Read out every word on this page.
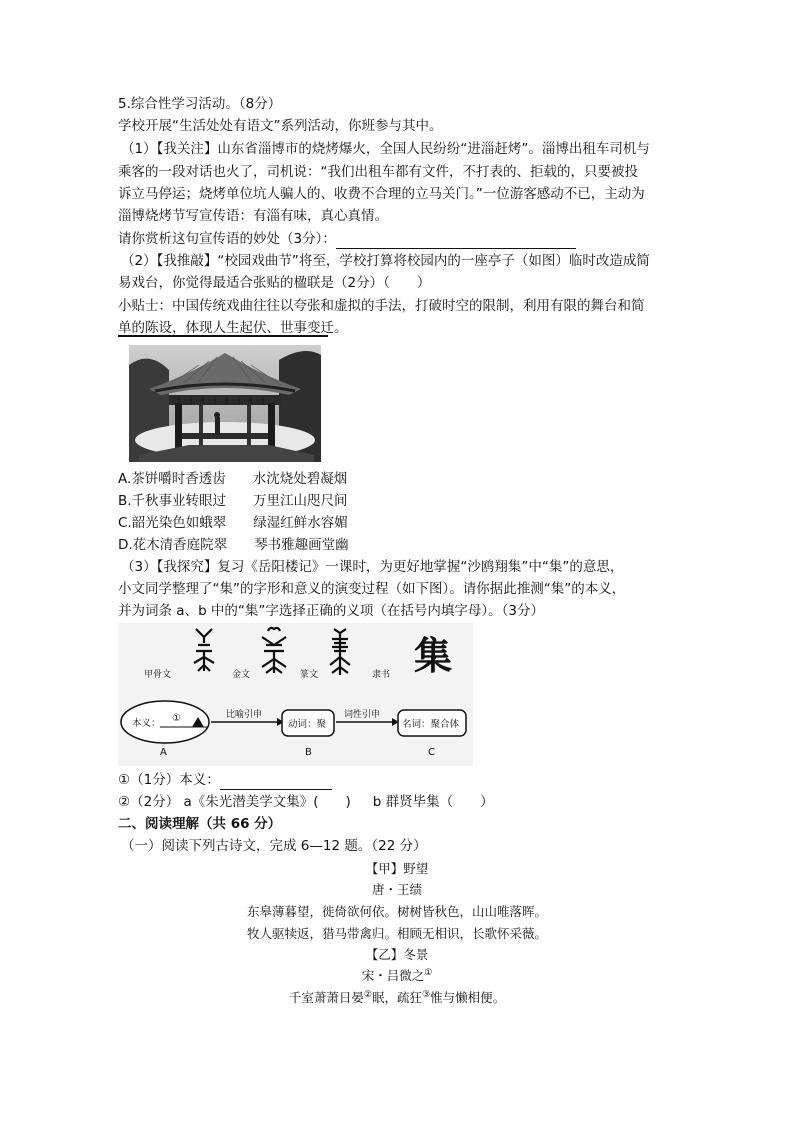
5.综合性学习活动。（8分）
学校开展“生活处处有语文”系列活动，你班参与其中。
（1）【我关注】山东省淄博市的烧烤爆火，全国人民纷纷“进淄赶烤”。淄博出租车司机与
乘客的一段对话也火了，司机说：“我们出租车都有文件，不打表的、拒载的，只要被投
诉立马停运；烧烤单位坑人骗人的、收费不合理的立马关门。”一位游客感动不已，主动为
淄博烧烤节写宣传语：有淄有味，真心真情。
请你赏析这句宣传语的妙处（3分）：
（2）【我推敲】“校园戏曲节”将至，学校打算将校园内的一座亭子（如图）临时改造成简
易戏台，你觉得最适合张贴的楹联是（2分）（　　）
小贴士：中国传统戏曲往往以夸张和虚拟的手法，打破时空的限制，利用有限的舞台和简
单的陈设，体现人生起伏、世事变迁。
A.茶饼嚼时香透齿 水沈烧处碧凝烟
B.千秋事业转眼过 万里江山咫尺间
C.韶光染色如蛾翠 绿湿红鲜水容媚
D.花木清香庭院翠 琴书雅趣画堂幽
（3）【我探究】复习《岳阳楼记》一课时，为更好地掌握“沙鸥翔集”中“集”的意思，
小文同学整理了“集”的字形和意义的演变过程（如下图）。请你据此推测“集”的本义，
并为词条 a、b 中的“集”字选择正确的义项（在括号内填字母）。（3分）
集
甲骨文	金文	篆文	隶书
本义： ①
A
比喻引申
动词：聚
B
词性引申
名词：聚合体
C
①（1分）本义：
②（2分） a《朱光潜美学文集》(　　) b 群贤毕集（　　）
二、阅读理解（共 66 分）
（一）阅读下列古诗文，完成 6—12 题。（22 分）
【甲】野望
唐・王绩
东皋薄暮望，徙倚欲何依。树树皆秋色，山山唯落晖。
牧人驱犊返，猎马带禽归。相顾无相识，长歌怀采薇。
【乙】冬景
宋・吕微之①
千室萧萧日晏②眠，疏狂③惟与懒相便。
